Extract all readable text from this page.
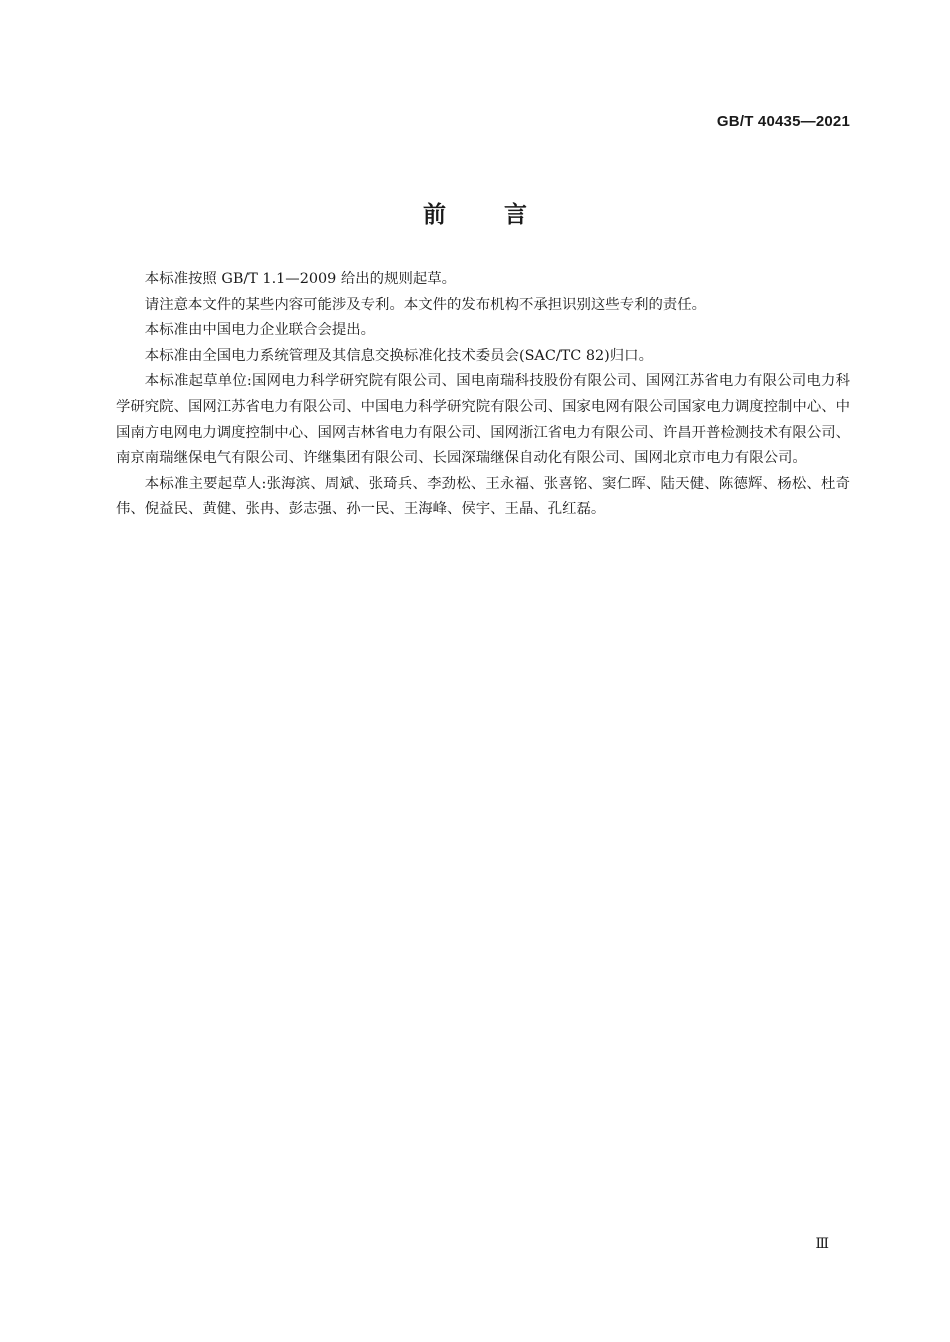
GB/T 40435—2021
前	言

本标准按照 GB/T 1.1—2009 给出的规则起草。

请注意本文件的某些内容可能涉及专利。本文件的发布机构不承担识别这些专利的责任。

本标准由中国电力企业联合会提出。

本标准由全国电力系统管理及其信息交换标准化技术委员会(SAC/TC 82)归口。

本标准起草单位:国网电力科学研究院有限公司、国电南瑞科技股份有限公司、国网江苏省电力有限公司电力科学研究院、国网江苏省电力有限公司、中国电力科学研究院有限公司、国家电网有限公司国家电力调度控制中心、中国南方电网电力调度控制中心、国网吉林省电力有限公司、国网浙江省电力有限公司、许昌开普检测技术有限公司、南京南瑞继保电气有限公司、许继集团有限公司、长园深瑞继保自动化有限公司、国网北京市电力有限公司。

本标准主要起草人:张海滨、周斌、张琦兵、李劲松、王永福、张喜铭、窦仁晖、陆天健、陈德辉、杨松、杜奇伟、倪益民、黄健、张冉、彭志强、孙一民、王海峰、侯宇、王晶、孔红磊。

Ⅲ
